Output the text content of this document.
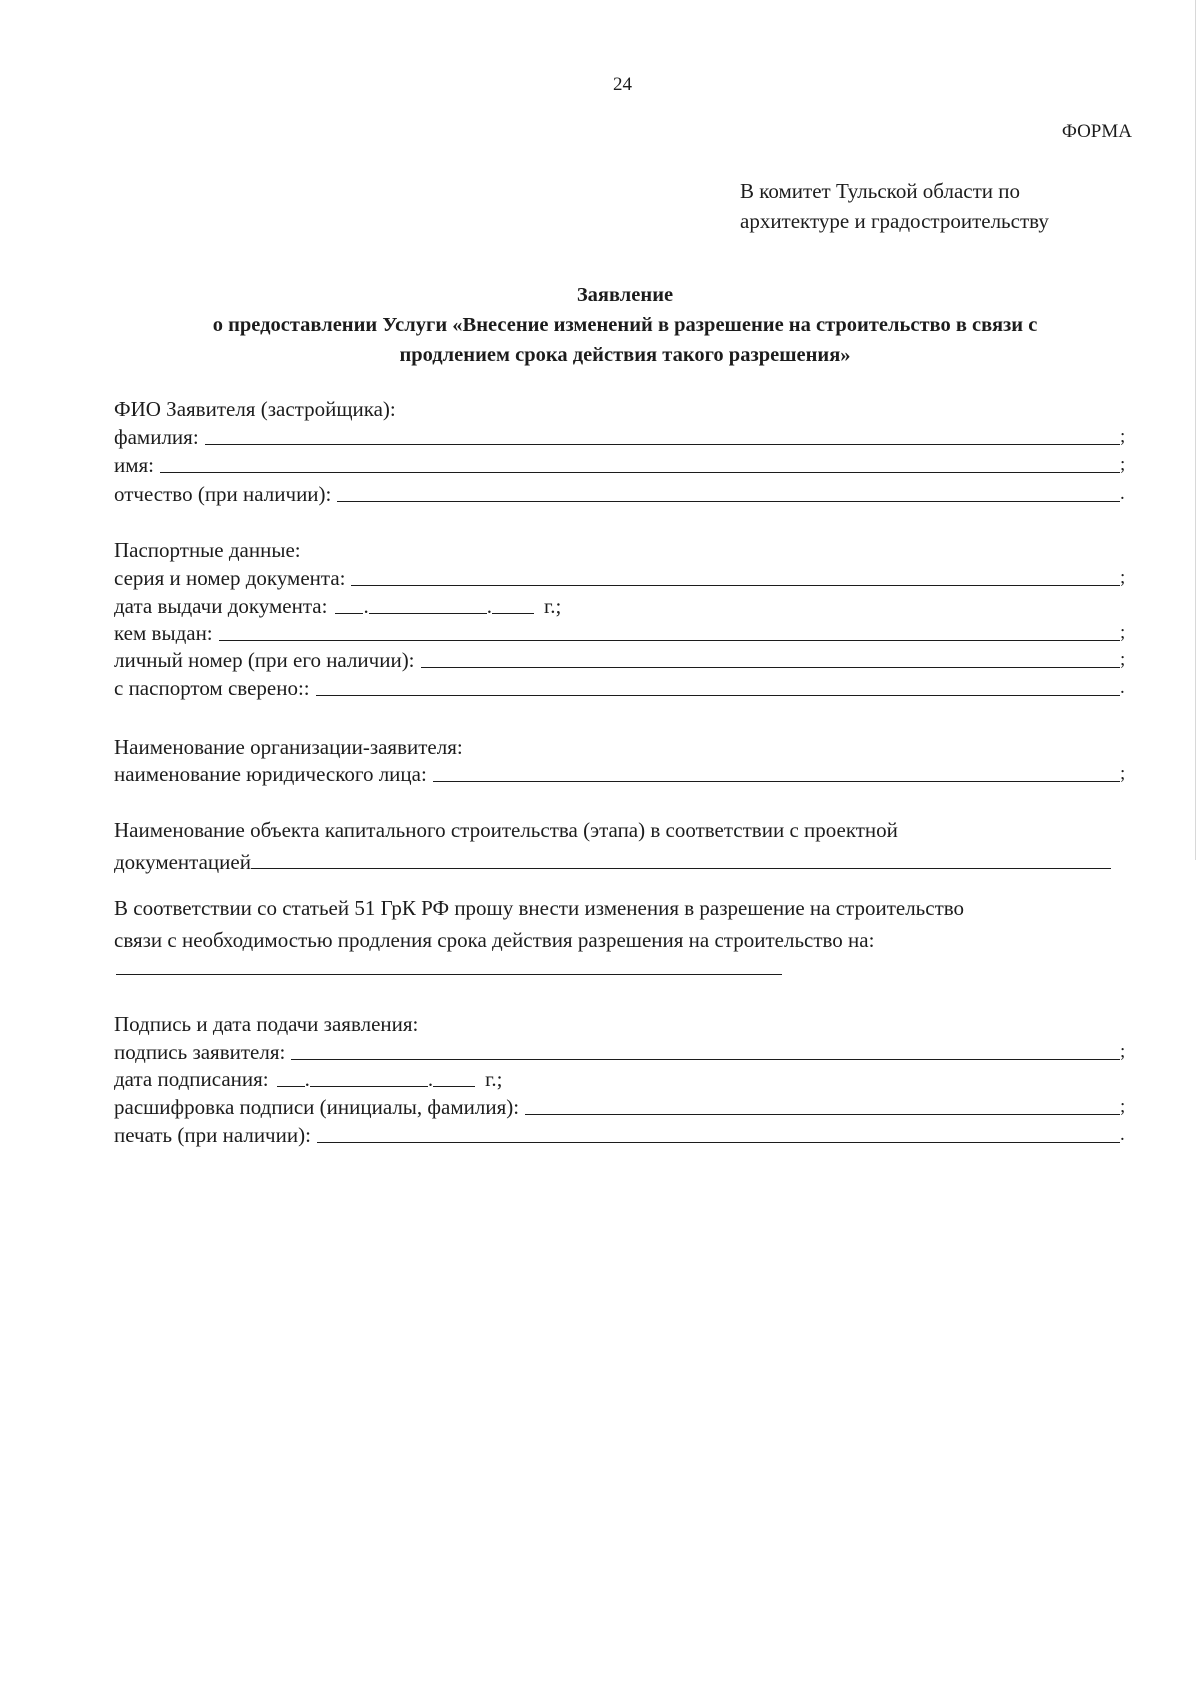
24
ФОРМА
В комитет Тульской области по
архитектуре и градостроительству
Заявление
о предоставлении Услуги «Внесение изменений в разрешение на строительство в связи с
продлением срока действия такого разрешения»
ФИО Заявителя (застройщика):
фамилия:	;
имя:	;
отчество (при наличии):	.
Паспортные данные:
серия и номер документа:	;
дата выдачи документа:	.	.	г.;
кем выдан:	;
личный номер (при его наличии):	;
с паспортом сверено::	.
Наименование организации-заявителя:
наименование юридического лица:	;
Наименование объекта капитального строительства (этапа) в соответствии с проектной
документацией
В соответствии со статьей 51 ГрК РФ прошу внести изменения в разрешение на строительство
связи с необходимостью продления срока действия разрешения на строительство на:
Подпись и дата подачи заявления:
подпись заявителя:	;
дата подписания:	.	.	г.;
расшифровка подписи (инициалы, фамилия):	;
печать (при наличии):	.
